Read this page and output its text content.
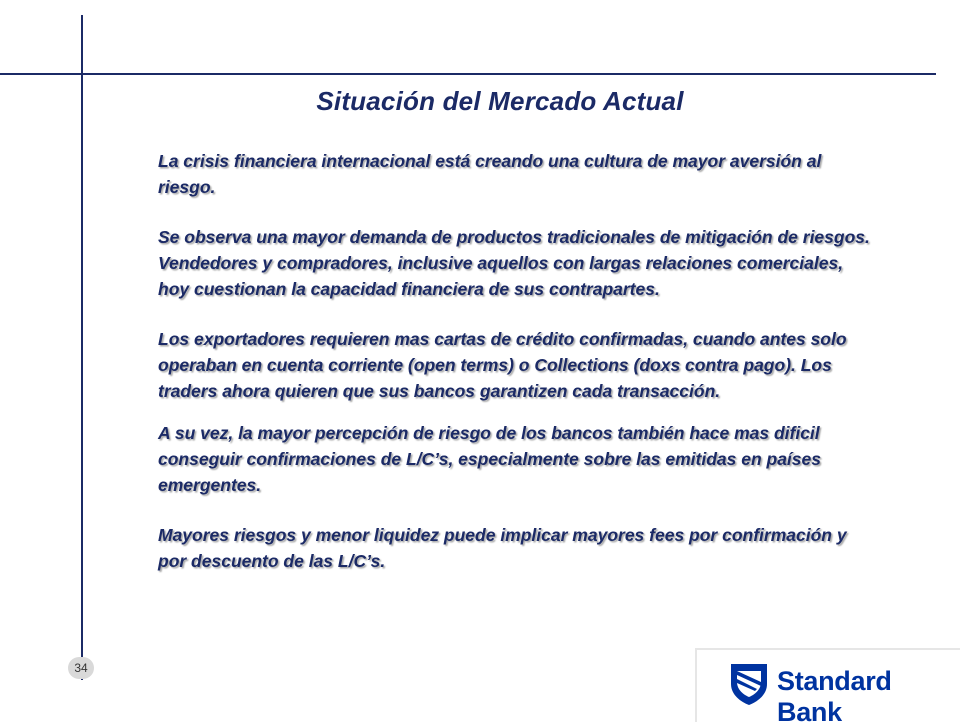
Situación del Mercado Actual

La crisis financiera internacional está creando una cultura de mayor aversión al riesgo.

Se observa una mayor demanda de productos tradicionales de mitigación de riesgos. Vendedores y compradores, inclusive aquellos con largas relaciones comerciales, hoy cuestionan la capacidad financiera de sus contrapartes.

Los exportadores requieren mas cartas de crédito confirmadas, cuando antes solo operaban en cuenta corriente (open terms) o Collections (doxs contra pago). Los traders ahora quieren que sus bancos garantizen cada transacción.

A su vez, la mayor percepción de riesgo de los bancos también hace mas dificil conseguir confirmaciones de L/C’s, especialmente sobre las emitidas en países emergentes.

Mayores riesgos y menor liquidez puede implicar mayores fees por confirmación y por descuento de las L/C’s.

34	Standard Bank
